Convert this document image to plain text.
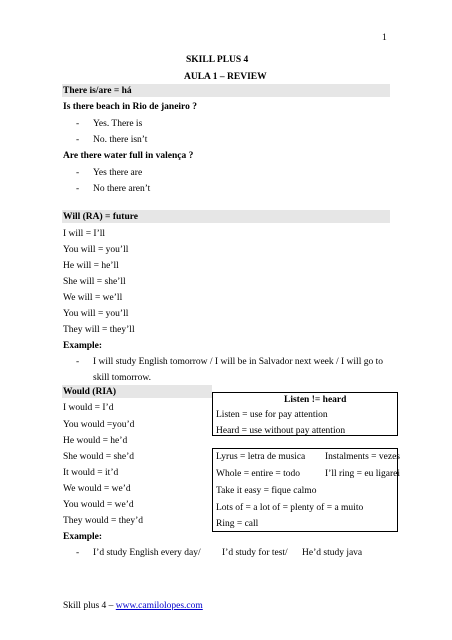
1
SKILL PLUS 4
AULA 1 – REVIEW
There is/are = há
Is there beach in Rio de janeiro ?
- Yes. There is
- No. there isn’t
Are there water full in valença ?
- Yes there are
- No there aren’t
Will (RA) = future
I will = I’ll
You will = you’ll
He will = he’ll
She will = she’ll
We will = we’ll
You will = you’ll
They will = they’ll
Example:
- I will study English tomorrow / I will be in Salvador next week / I will go to
skill tomorrow.
Would (RIA)
I would = I’d
You would =you’d
He would = he’d
She would = she’d
It would = it’d
We would = we’d
You would = we’d
They would = they’d
Example:
- I’d study English every day/ I’d study for test/ He’d study java
Listen != heard
Listen = use for pay attention
Heard = use without pay attention
Lyrus = letra de musica Instalments = vezes
Whole = entire = todo	I’ll ring = eu ligarei
Take it easy = fique calmo
Lots of = a lot of = plenty of = a muito
Ring = call
Skill plus 4 – www.camilolopes.com
